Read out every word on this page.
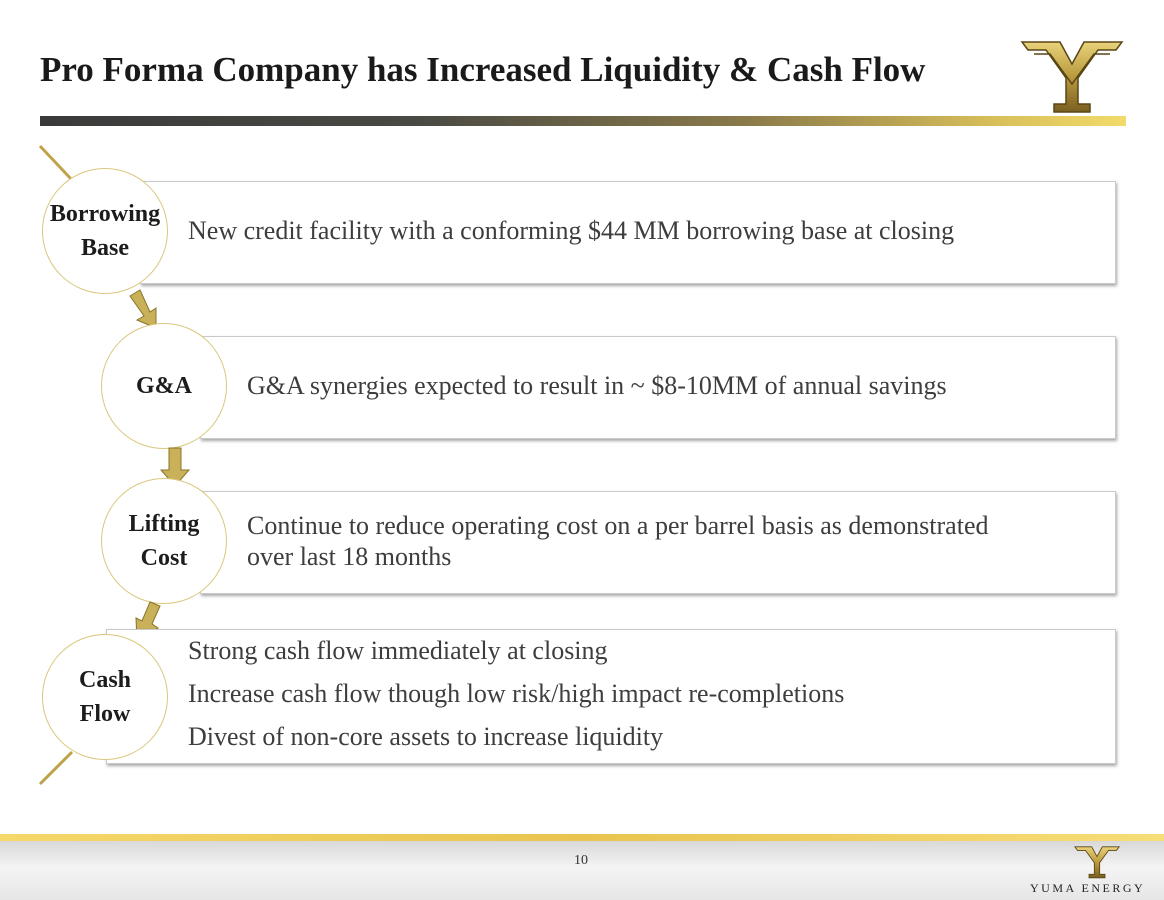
Pro Forma Company has Increased Liquidity & Cash Flow
New credit facility with a conforming $44 MM borrowing base at closing
Borrowing
Base
G&A synergies expected to result in ~ $8-10MM of annual savings
G&A
Continue to reduce operating cost on a per barrel basis as demonstrated
over last 18 months
Lifting
Cost
Strong cash flow immediately at closing
Increase cash flow though low risk/high impact re-completions
Divest of non-core assets to increase liquidity
Cash
Flow
10
YUMA ENERGY
